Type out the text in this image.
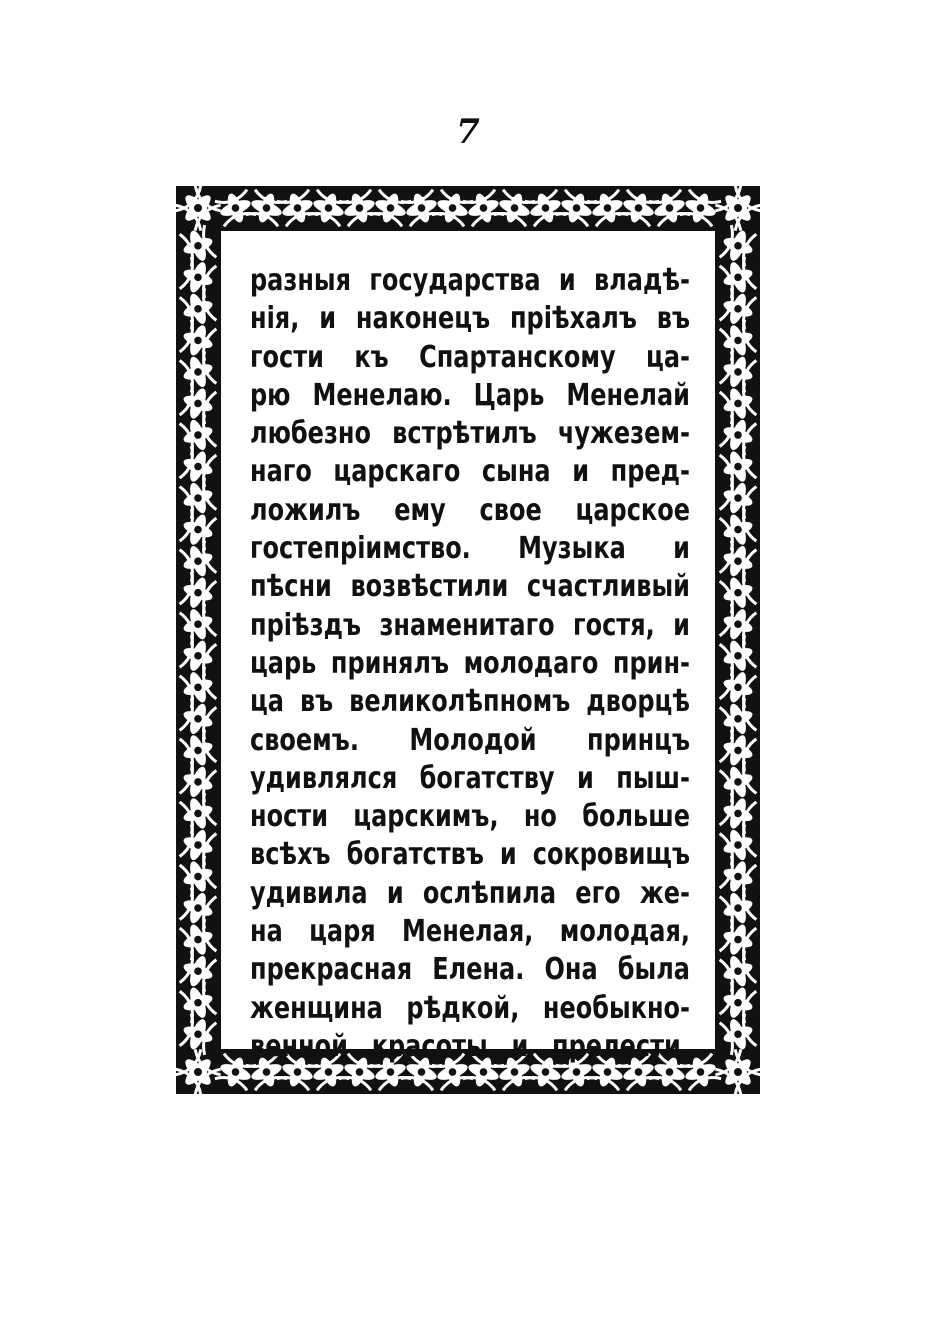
7
разныя государства и владѣ-
нія, и наконецъ пріѣхалъ въ
гости къ Спартанскому ца-
рю Менелаю. Царь Менелай
любезно встрѣтилъ чужезем-
наго царскаго сына и пред-
ложилъ ему свое царское
гостепріимство. Музыка и
пѣсни возвѣстили счастливый
пріѣздъ знаменитаго гостя, и
царь принялъ молодаго прин-
ца въ великолѣпномъ дворцѣ
своемъ. Молодой принцъ
удивлялся богатству и пыш-
ности царскимъ, но больше
всѣхъ богатствъ и сокровищъ
удивила и ослѣпила его же-
на царя Менелая, молодая,
прекрасная Елена. Она была
женщина рѣдкой, необыкно-
венной красоты и прелести.
